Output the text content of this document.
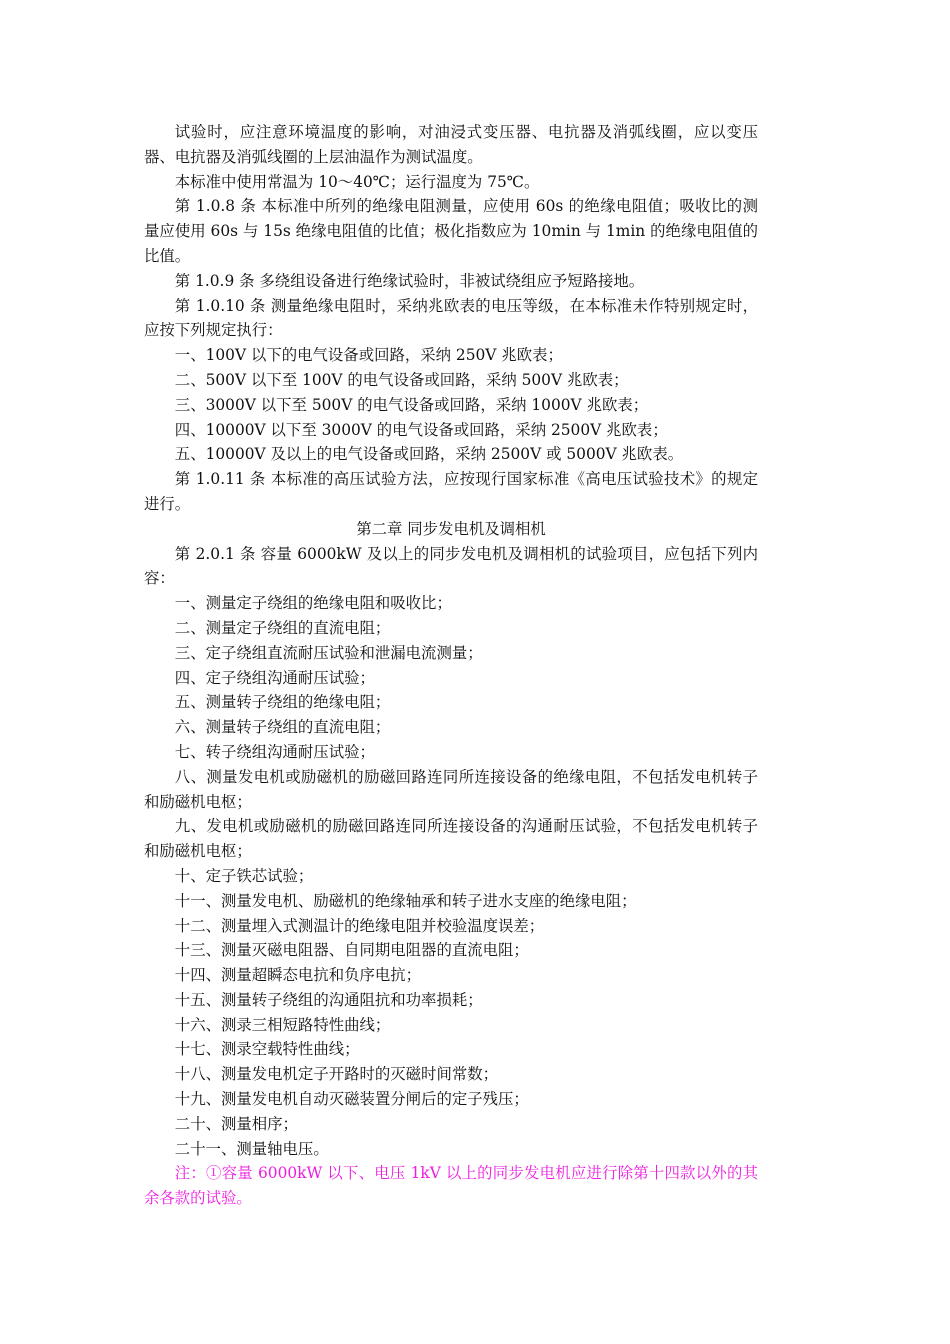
试验时，应注意环境温度的影响，对油浸式变压器、电抗器及消弧线圈，应以变压器、电抗器及消弧线圈的上层油温作为测试温度。

本标准中使用常温为 10～40℃；运行温度为 75℃。

第 1.0.8 条 本标准中所列的绝缘电阻测量，应使用 60s 的绝缘电阻值；吸收比的测量应使用 60s 与 15s 绝缘电阻值的比值；极化指数应为 10min 与 1min 的绝缘电阻值的比值。

第 1.0.9 条 多绕组设备进行绝缘试验时，非被试绕组应予短路接地。

第 1.0.10 条 测量绝缘电阻时，采纳兆欧表的电压等级，在本标准未作特别规定时，应按下列规定执行：

一、100V 以下的电气设备或回路，采纳 250V 兆欧表；

二、500V 以下至 100V 的电气设备或回路，采纳 500V 兆欧表；

三、3000V 以下至 500V 的电气设备或回路，采纳 1000V 兆欧表；

四、10000V 以下至 3000V 的电气设备或回路，采纳 2500V 兆欧表；

五、10000V 及以上的电气设备或回路，采纳 2500V 或 5000V 兆欧表。

第 1.0.11 条 本标准的高压试验方法，应按现行国家标准《高电压试验技术》的规定进行。

第二章 同步发电机及调相机

第 2.0.1 条 容量 6000kW 及以上的同步发电机及调相机的试验项目，应包括下列内容：

一、测量定子绕组的绝缘电阻和吸收比；

二、测量定子绕组的直流电阻；

三、定子绕组直流耐压试验和泄漏电流测量；

四、定子绕组沟通耐压试验；

五、测量转子绕组的绝缘电阻；

六、测量转子绕组的直流电阻；

七、转子绕组沟通耐压试验；

八、测量发电机或励磁机的励磁回路连同所连接设备的绝缘电阻，不包括发电机转子和励磁机电枢；

九、发电机或励磁机的励磁回路连同所连接设备的沟通耐压试验，不包括发电机转子和励磁机电枢；

十、定子铁芯试验；

十一、测量发电机、励磁机的绝缘轴承和转子进水支座的绝缘电阻；

十二、测量埋入式测温计的绝缘电阻并校验温度误差；

十三、测量灭磁电阻器、自同期电阻器的直流电阻；

十四、测量超瞬态电抗和负序电抗；

十五、测量转子绕组的沟通阻抗和功率损耗；

十六、测录三相短路特性曲线；

十七、测录空载特性曲线；

十八、测量发电机定子开路时的灭磁时间常数；

十九、测量发电机自动灭磁装置分闸后的定子残压；

二十、测量相序；

二十一、测量轴电压。

注：①容量 6000kW 以下、电压 1kV 以上的同步发电机应进行除第十四款以外的其余各款的试验。
